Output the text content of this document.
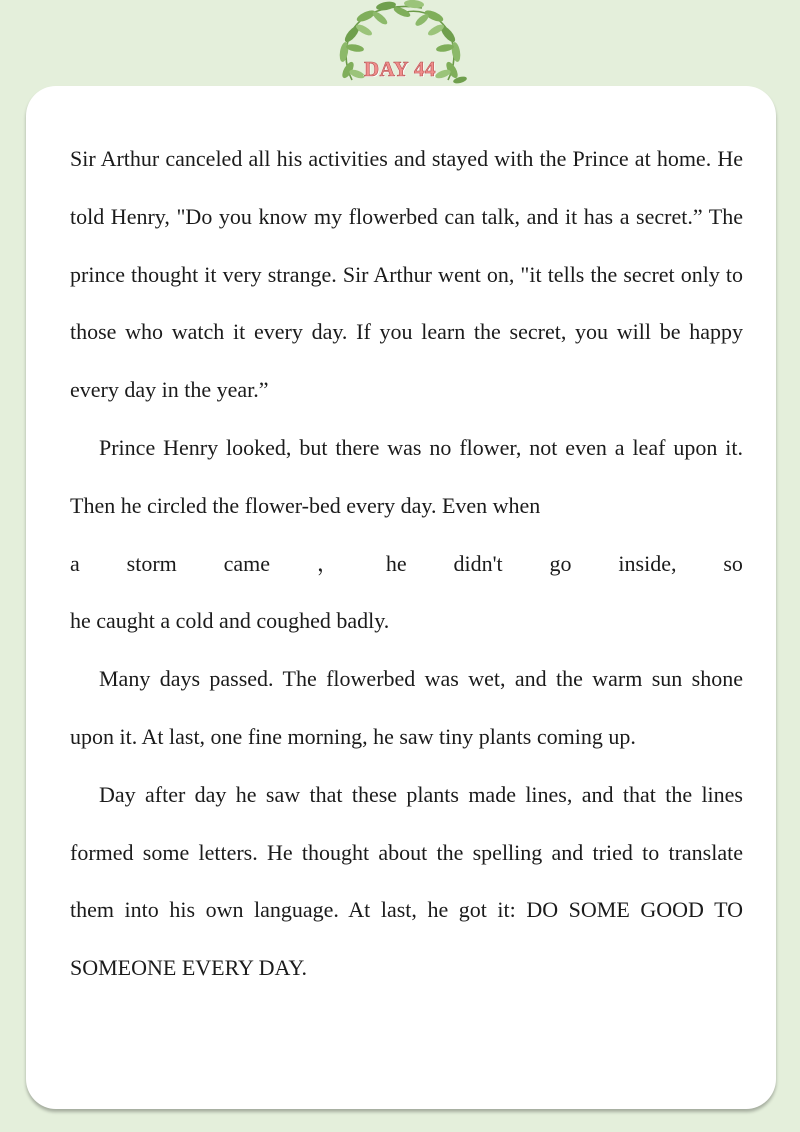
DAY 44

Sir Arthur canceled all his activities and stayed with the Prince at home. He told Henry, "Do you know my flowerbed can talk, and it has a secret.” The prince thought it very strange. Sir Arthur went on, "it tells the secret only to those who watch it every day. If you learn the secret, you will be happy every day in the year.”

Prince Henry looked, but there was no flower, not even a leaf upon it. Then he circled the flower-bed every day. Even when

a storm came ， he didn't go inside, so

he caught a cold and coughed badly.

Many days passed. The flowerbed was wet, and the warm sun shone upon it. At last, one fine morning, he saw tiny plants coming up.

Day after day he saw that these plants made lines, and that the lines formed some letters. He thought about the spelling and tried to translate them into his own language. At last, he got it: DO SOME GOOD TO SOMEONE EVERY DAY.
